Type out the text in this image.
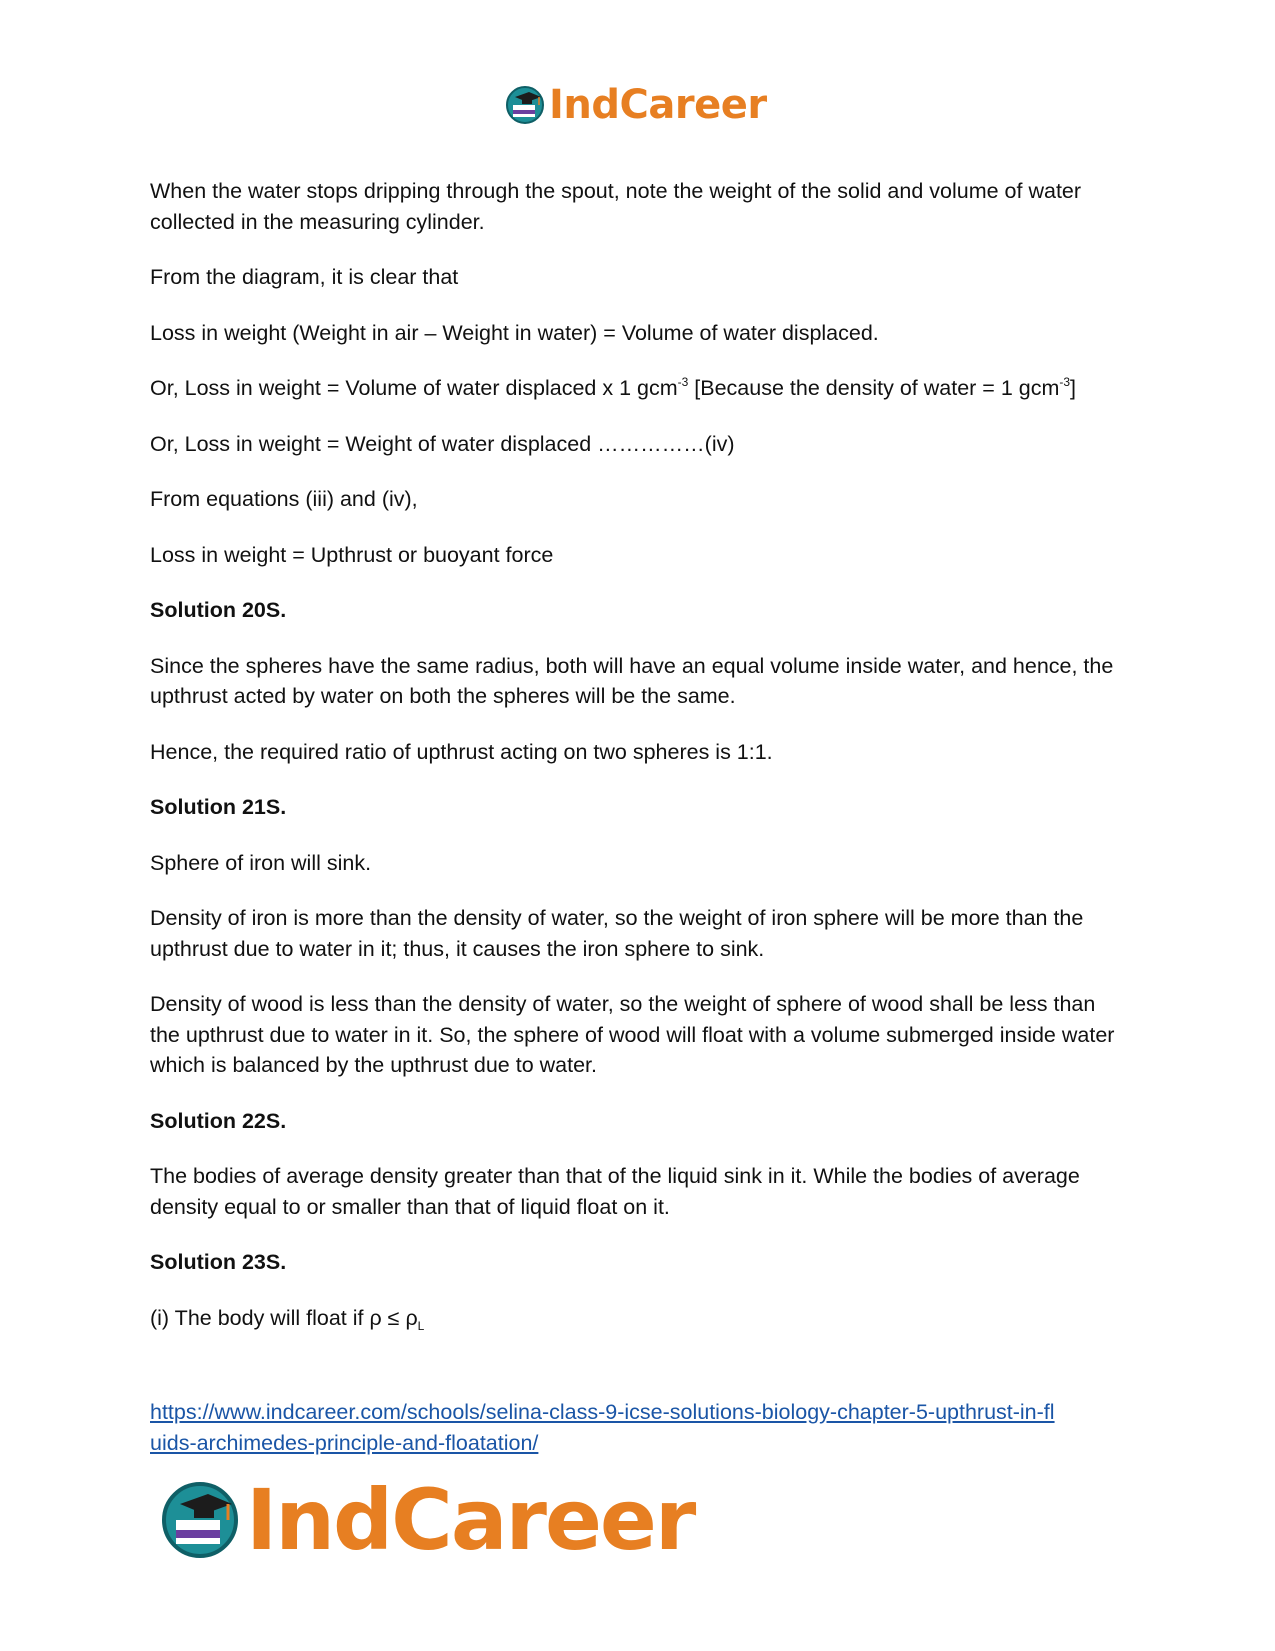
IndCareer

When the water stops dripping through the spout, note the weight of the solid and volume of water collected in the measuring cylinder.

From the diagram, it is clear that

Loss in weight (Weight in air – Weight in water) = Volume of water displaced.

Or, Loss in weight = Volume of water displaced x 1 gcm$^{-3}$ [Because the density of water = 1 gcm$^{-3}$]

Or, Loss in weight = Weight of water displaced ……………(iv)

From equations (iii) and (iv),

Loss in weight = Upthrust or buoyant force

Solution 20S.

Since the spheres have the same radius, both will have an equal volume inside water, and hence, the upthrust acted by water on both the spheres will be the same.

Hence, the required ratio of upthrust acting on two spheres is 1:1.

Solution 21S.

Sphere of iron will sink.

Density of iron is more than the density of water, so the weight of iron sphere will be more than the upthrust due to water in it; thus, it causes the iron sphere to sink.

Density of wood is less than the density of water, so the weight of sphere of wood shall be less than the upthrust due to water in it. So, the sphere of wood will float with a volume submerged inside water which is balanced by the upthrust due to water.

Solution 22S.

The bodies of average density greater than that of the liquid sink in it. While the bodies of average density equal to or smaller than that of liquid float on it.

Solution 23S.

(i) The body will float if $\rho \le \rho_L$

https://www.indcareer.com/schools/selina-class-9-icse-solutions-biology-chapter-5-upthrust-in-fl
uids-archimedes-principle-and-floatation/
IndCareer
